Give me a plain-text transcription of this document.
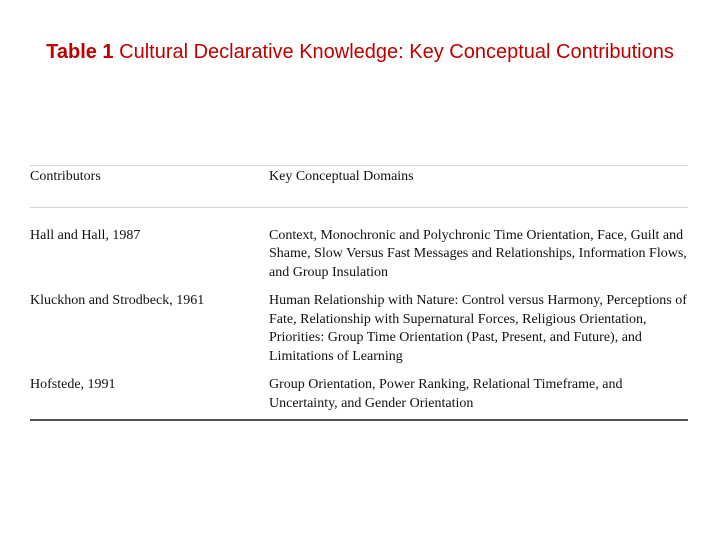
Table 1 Cultural Declarative Knowledge: Key Conceptual Contributions
Contributors	Key Conceptual Domains
Hall and Hall, 1987	Context, Monochronic and Polychronic Time Orientation, Face, Guilt and Shame, Slow Versus Fast Messages and Relationships, Information Flows, and Group Insulation
Kluckhon and Strodbeck, 1961	Human Relationship with Nature: Control versus Harmony, Perceptions of Fate, Relationship with Supernatural Forces, Religious Orientation, Priorities: Group Time Orientation (Past, Present, and Future), and Limitations of Learning
Hofstede, 1991	Group Orientation, Power Ranking, Relational Timeframe, and Uncertainty, and Gender Orientation
